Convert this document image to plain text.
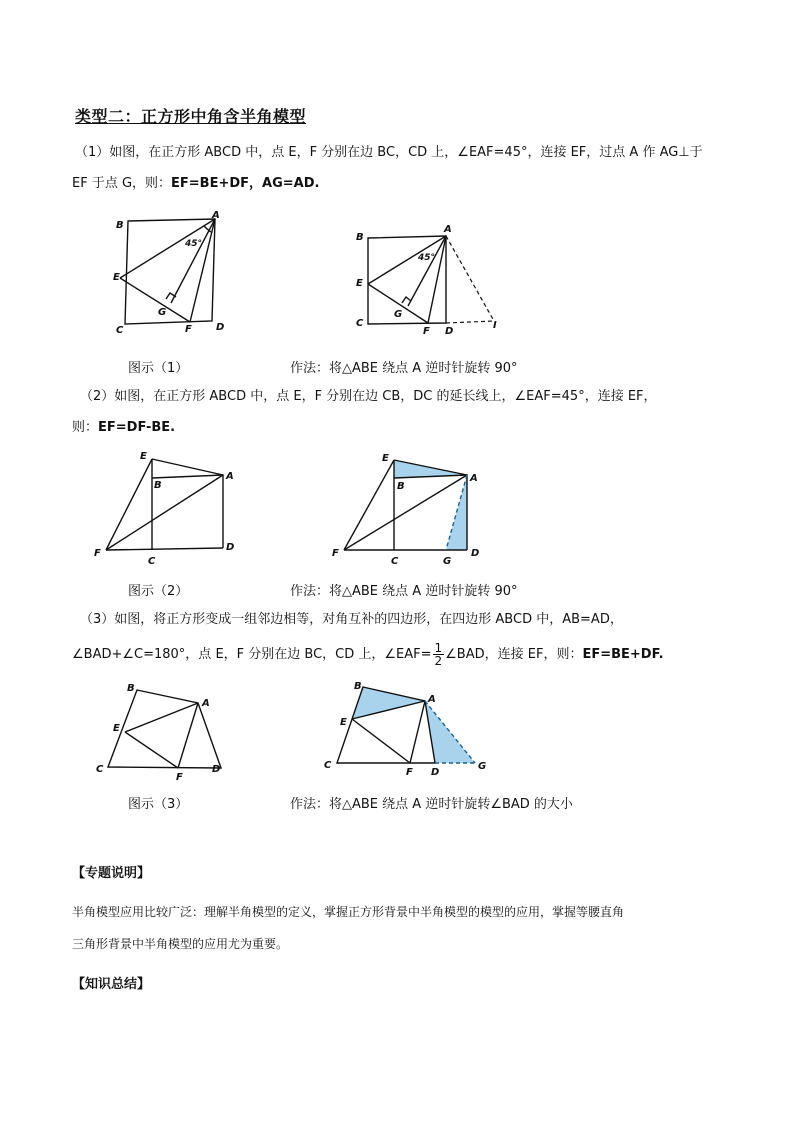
类型二：正方形中角含半角模型
（1）如图，在正方形 ABCD 中，点 E，F 分别在边 BC，CD 上，∠EAF=45°，连接 EF，过点 A 作 AG⊥于
EF 于点 G，则：EF=BE+DF，AG=AD.
B
A
45°
E
G
C	F D
B
A
45°
E
G
C
F D
I
图示（1）	作法：将△ABE 绕点 A 逆时针旋转 90°
（2）如图，在正方形 ABCD 中，点 E，F 分别在边 CB，DC 的延长线上，∠EAF=45°，连接 EF，
则：EF=DF-BE.
E
B
A
F
C
D
E
B
A
F
C	G
D
图示（2）	作法：将△ABE 绕点 A 逆时针旋转 90°
（3）如图，将正方形变成一组邻边相等，对角互补的四边形，在四边形 ABCD 中，AB=AD，
∠BAD+∠C=180°，点 E，F 分别在边 BC，CD 上，∠EAF= $\frac{1}{2}$ ∠BAD，连接 EF，则：EF=BE+DF.
B
A
E
C
F
D
B
A
E
C
F D
G
图示（3）	作法：将△ABE 绕点 A 逆时针旋转∠BAD 的大小
【专题说明】
半角模型应用比较广泛：理解半角模型的定义，掌握正方形背景中半角模型的模型的应用，掌握等腰直角
三角形背景中半角模型的应用尤为重要。
【知识总结】
